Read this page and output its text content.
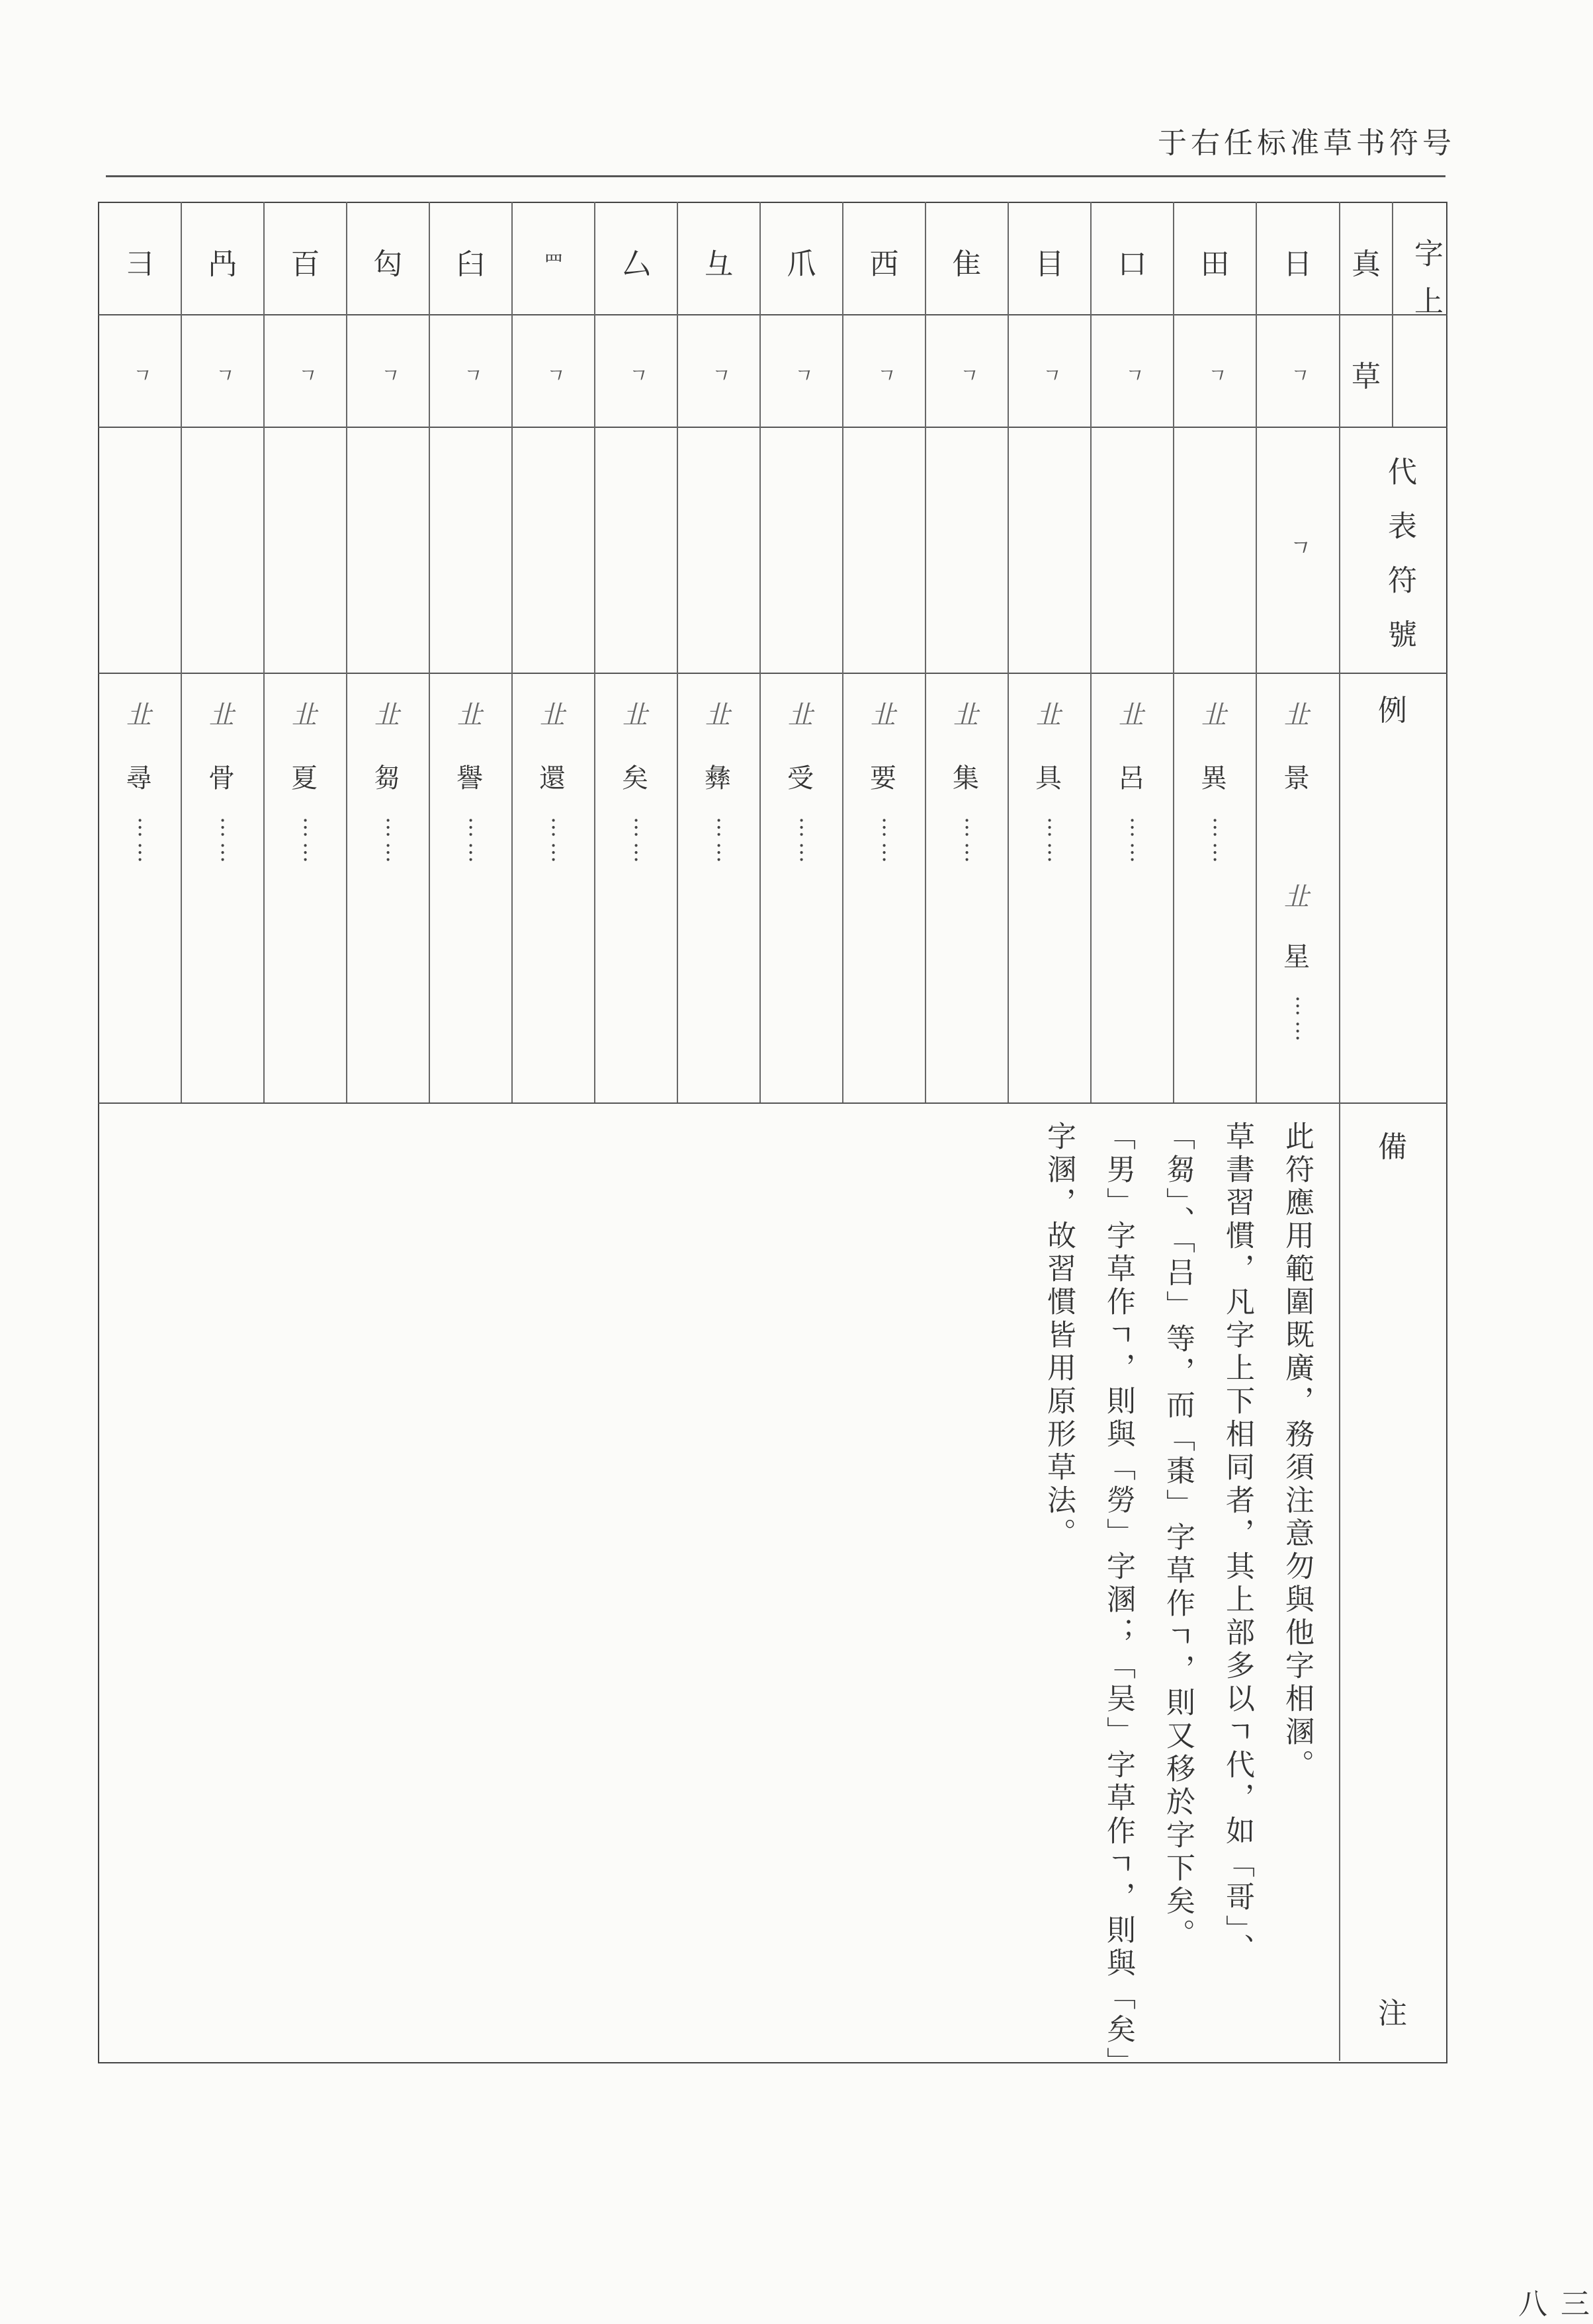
于右任标准草书符号
真
草
字上
代表符號
例
備
注
日
田
口
目
隹
西
爪
彑
厶
罒
臼
匃
百
冎
彐
ㄱ
ㄱ
ㄱ
ㄱ
ㄱ
ㄱ
ㄱ
ㄱ
ㄱ
ㄱ
ㄱ
ㄱ
ㄱ
ㄱ
ㄱ
ㄱ
㐀
景
㐀
星
……
㐀
異
……
㐀
呂
……
㐀
具
……
㐀
集
……
㐀
要
……
㐀
受
……
㐀
彝
……
㐀
矣
……
㐀
還
……
㐀
譽
……
㐀
芻
……
㐀
夏
……
㐀
骨
……
㐀
尋
……
此符應用範圍既廣，務須注意勿與他字相溷。
草書習慣，凡字上下相同者，其上部多以ㄱ代，如「哥」、
「芻」、「吕」等，而「棗」字草作ㄱ，則又移於字下矣。
「男」字草作ㄱ，則與「勞」字溷；「吴」字草作ㄱ，則與「矣」
字溷，故習慣皆用原形草法。
三八
